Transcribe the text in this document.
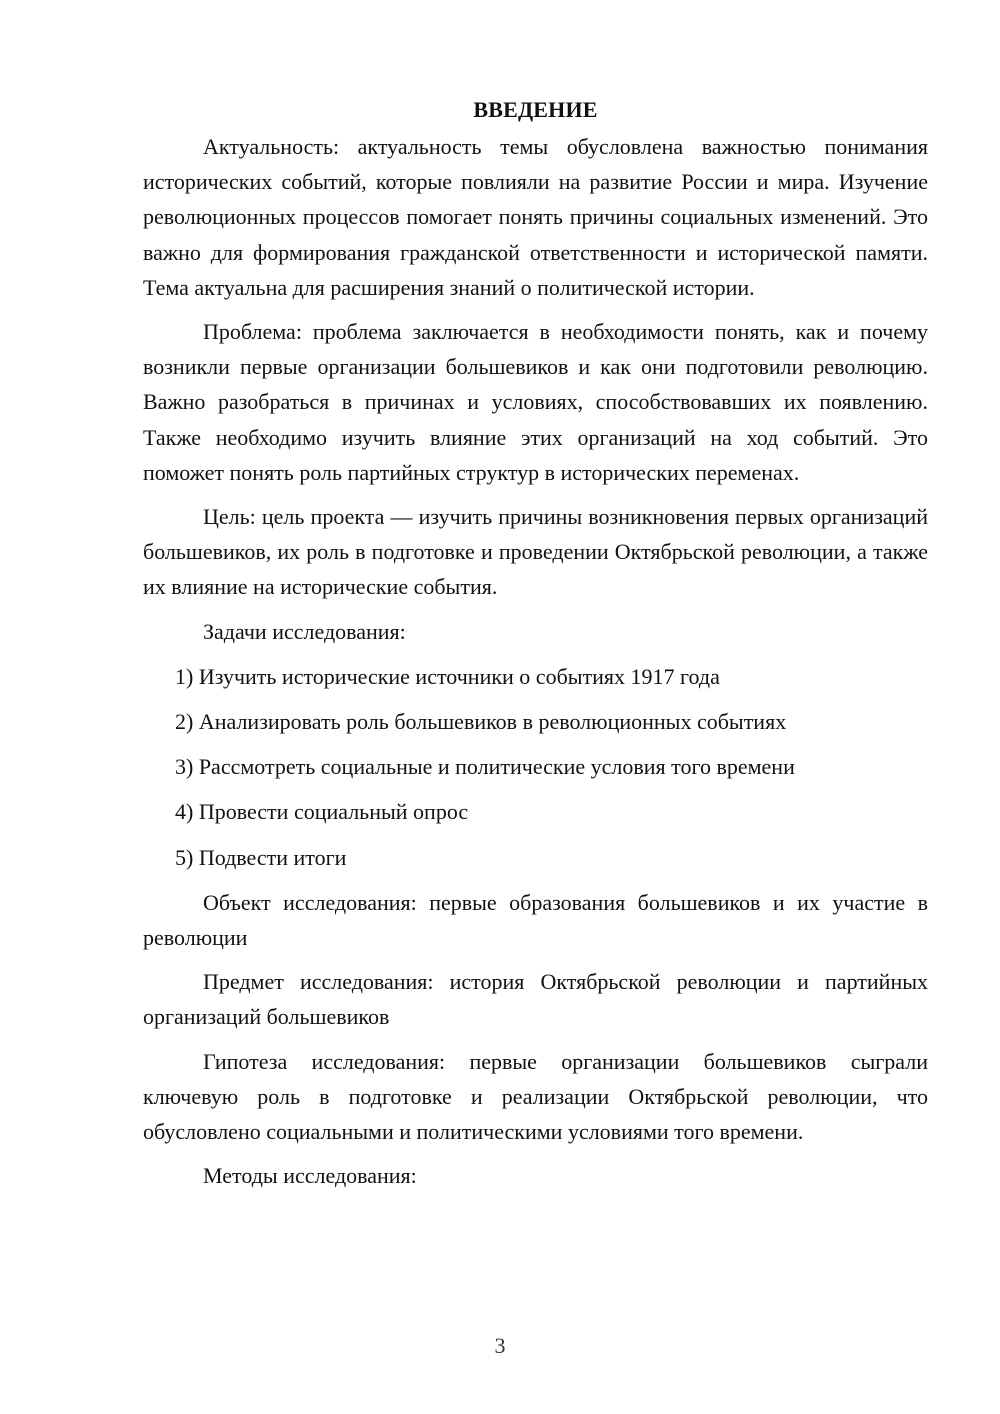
ВВЕДЕНИЕ

Актуальность: актуальность темы обусловлена важностью понимания исторических событий, которые повлияли на развитие России и мира. Изучение революционных процессов помогает понять причины социальных изменений. Это важно для формирования гражданской ответственности и исторической памяти. Тема актуальна для расширения знаний о политической истории.

Проблема: проблема заключается в необходимости понять, как и почему возникли первые организации большевиков и как они подготовили революцию. Важно разобраться в причинах и условиях, способствовавших их появлению. Также необходимо изучить влияние этих организаций на ход событий. Это поможет понять роль партийных структур в исторических переменах.

Цель: цель проекта — изучить причины возникновения первых организаций большевиков, их роль в подготовке и проведении Октябрьской революции, а также их влияние на исторические события.

Задачи исследования:

1) Изучить исторические источники о событиях 1917 года

2) Анализировать роль большевиков в революционных событиях

3) Рассмотреть социальные и политические условия того времени

4) Провести социальный опрос

5) Подвести итоги

Объект исследования: первые образования большевиков и их участие в революции

Предмет исследования: история Октябрьской революции и партийных организаций большевиков

Гипотеза исследования: первые организации большевиков сыграли ключевую роль в подготовке и реализации Октябрьской революции, что обусловлено социальными и политическими условиями того времени.

Методы исследования:

3
